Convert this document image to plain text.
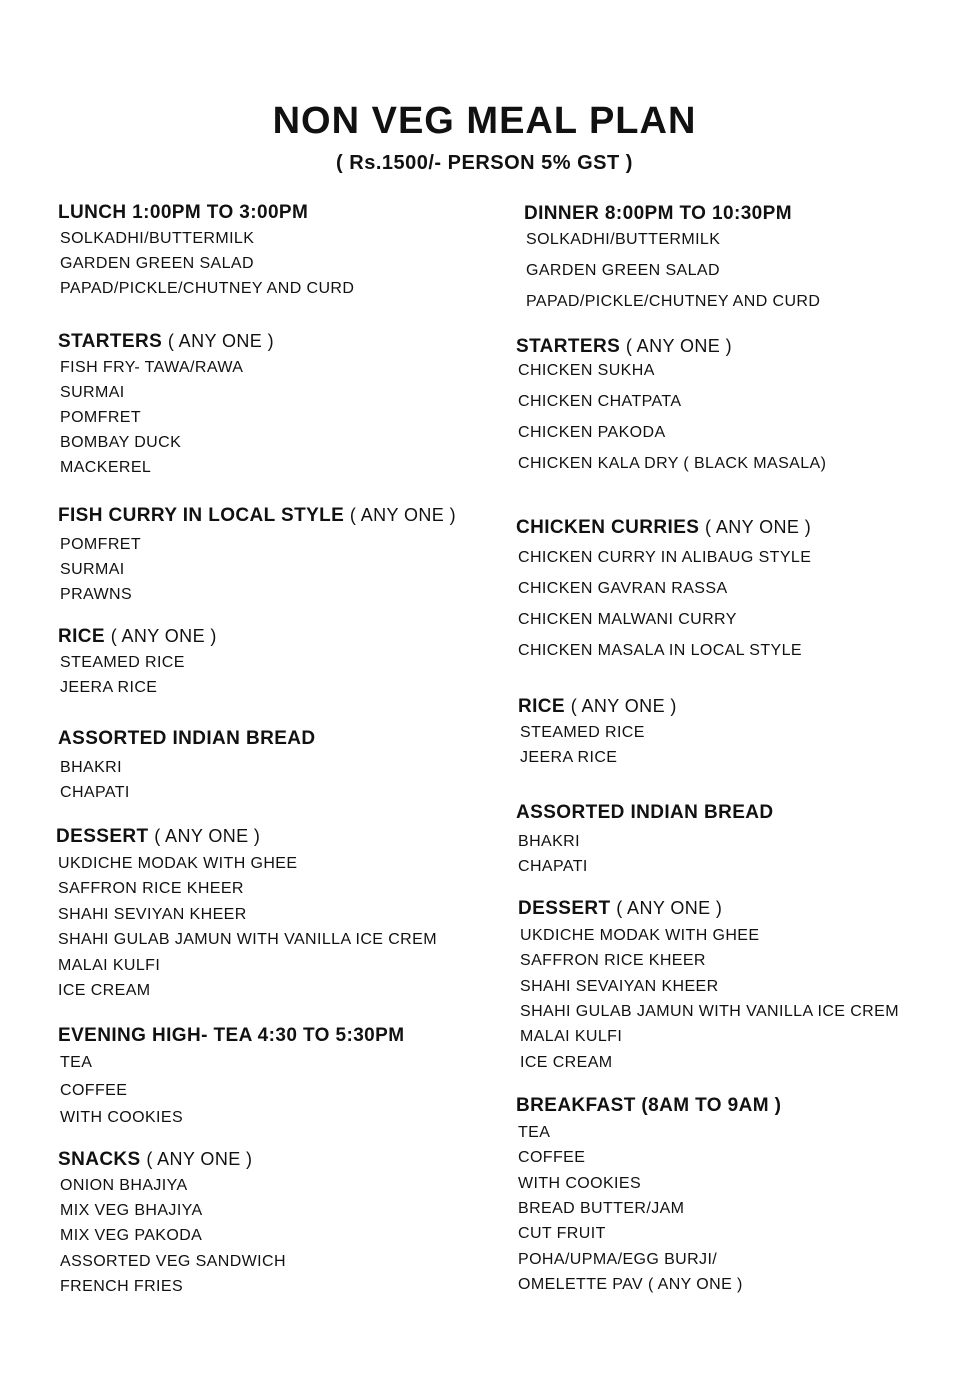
NON VEG MEAL PLAN
( Rs.1500/- PERSON 5% GST )
LUNCH 1:00PM TO 3:00PM
SOLKADHI/BUTTERMILK
GARDEN GREEN SALAD
PAPAD/PICKLE/CHUTNEY AND CURD
STARTERS ( ANY ONE )
FISH FRY- TAWA/RAWA
SURMAI
POMFRET
BOMBAY DUCK
MACKEREL
FISH CURRY IN LOCAL STYLE ( ANY ONE )
POMFRET
SURMAI
PRAWNS
RICE ( ANY ONE )
STEAMED RICE
JEERA RICE
ASSORTED INDIAN BREAD
BHAKRI
CHAPATI
DESSERT ( ANY ONE )
UKDICHE MODAK WITH GHEE
SAFFRON RICE KHEER
SHAHI SEVIYAN KHEER
SHAHI GULAB JAMUN WITH VANILLA ICE CREM
MALAI KULFI
ICE CREAM
EVENING HIGH- TEA 4:30 TO 5:30PM
TEA
COFFEE
WITH COOKIES
SNACKS ( ANY ONE )
ONION BHAJIYA
MIX VEG BHAJIYA
MIX VEG PAKODA
ASSORTED VEG SANDWICH
FRENCH FRIES
DINNER 8:00PM TO 10:30PM
SOLKADHI/BUTTERMILK
GARDEN GREEN SALAD
PAPAD/PICKLE/CHUTNEY AND CURD
STARTERS ( ANY ONE )
CHICKEN SUKHA
CHICKEN CHATPATA
CHICKEN PAKODA
CHICKEN KALA DRY ( BLACK MASALA)
CHICKEN CURRIES ( ANY ONE )
CHICKEN CURRY IN ALIBAUG STYLE
CHICKEN GAVRAN RASSA
CHICKEN MALWANI CURRY
CHICKEN MASALA IN LOCAL STYLE
RICE ( ANY ONE )
STEAMED RICE
JEERA RICE
ASSORTED INDIAN BREAD
BHAKRI
CHAPATI
DESSERT ( ANY ONE )
UKDICHE MODAK WITH GHEE
SAFFRON RICE KHEER
SHAHI SEVAIYAN KHEER
SHAHI GULAB JAMUN WITH VANILLA ICE CREM
MALAI KULFI
ICE CREAM
BREAKFAST (8AM TO 9AM )
TEA
COFFEE
WITH COOKIES
BREAD BUTTER/JAM
CUT FRUIT
POHA/UPMA/EGG BURJI/
OMELETTE PAV ( ANY ONE )
